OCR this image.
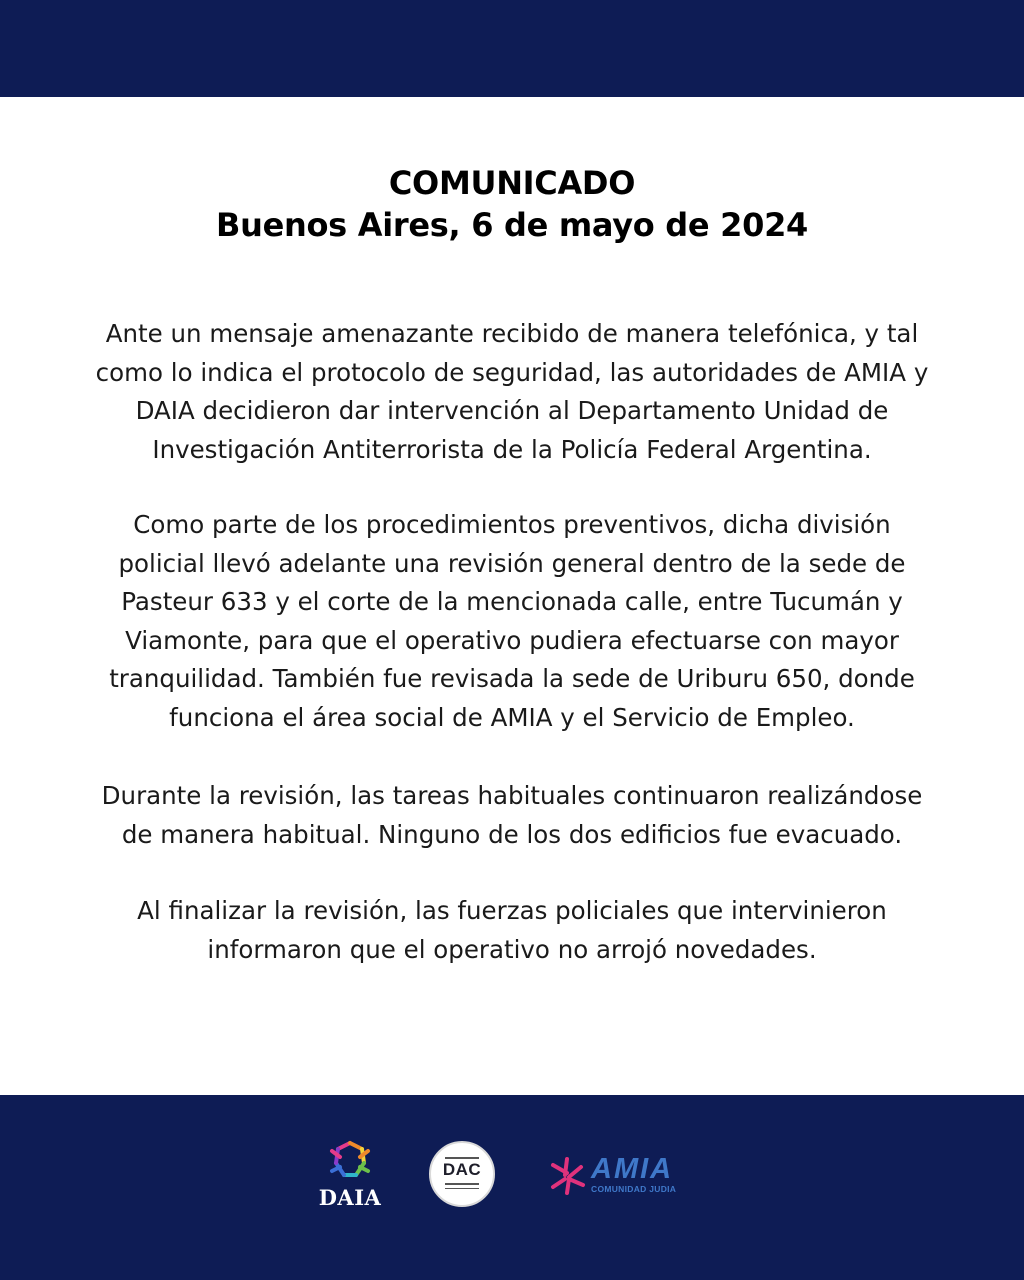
COMUNICADO
Buenos Aires, 6 de mayo de 2024

Ante un mensaje amenazante recibido de manera telefónica, y tal como lo indica el protocolo de seguridad, las autoridades de AMIA y DAIA decidieron dar intervención al Departamento Unidad de Investigación Antiterrorista de la Policía Federal Argentina.

Como parte de los procedimientos preventivos, dicha división policial llevó adelante una revisión general dentro de la sede de Pasteur 633 y el corte de la mencionada calle, entre Tucumán y Viamonte, para que el operativo pudiera efectuarse con mayor tranquilidad. También fue revisada la sede de Uriburu 650, donde funciona el área social de AMIA y el Servicio de Empleo.

Durante la revisión, las tareas habituales continuaron realizándose de manera habitual. Ninguno de los dos edificios fue evacuado.

Al finalizar la revisión, las fuerzas policiales que intervinieron informaron que el operativo no arrojó novedades.

DAIA
DAC	AMIA
COMUNIDAD JUDIA
